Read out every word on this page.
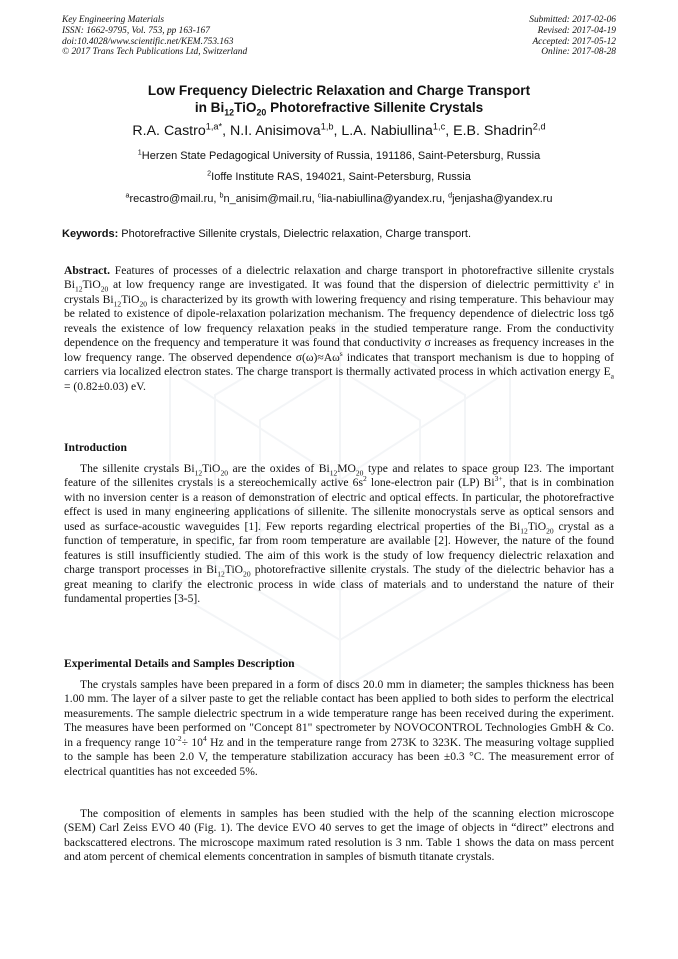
Key Engineering Materials
ISSN: 1662-9795, Vol. 753, pp 163-167
doi:10.4028/www.scientific.net/KEM.753.163
© 2017 Trans Tech Publications Ltd, Switzerland
Submitted: 2017-02-06
Revised: 2017-04-19
Accepted: 2017-05-12
Online: 2017-08-28
Low Frequency Dielectric Relaxation and Charge Transport
in $Bi_{12}TiO_{20}$ Photorefractive Sillenite Crystals
R.A. Castro$^{1,a*}$, N.I. Anisimova$^{1,b}$, L.A. Nabiullina$^{1,c}$, E.B. Shadrin$^{2,d}$
$^1$Herzen State Pedagogical University of Russia, 191186, Saint-Petersburg, Russia
$^2$Ioffe Institute RAS, 194021, Saint-Petersburg, Russia
$^a$recastro@mail.ru, $^b$n_anisim@mail.ru, $^c$lia-nabiullina@yandex.ru, $^d$jenjasha@yandex.ru
Keywords: Photorefractive Sillenite crystals, Dielectric relaxation, Charge transport.
Abstract. Features of processes of a dielectric relaxation and charge transport in photorefractive sillenite crystals $Bi_{12}TiO_{20}$ at low frequency range are investigated. It was found that the dispersion of dielectric permittivity ε' in crystals $Bi_{12}TiO_{20}$ is characterized by its growth with lowering frequency and rising temperature. This behaviour may be related to existence of dipole-relaxation polarization mechanism. The frequency dependence of dielectric loss tgδ reveals the existence of low frequency relaxation peaks in the studied temperature range. From the conductivity dependence on the frequency and temperature it was found that conductivity σ increases as frequency increases in the low frequency range. The observed dependence $\sigma(\omega)\approx A\omega^s$ indicates that transport mechanism is due to hopping of carriers via localized electron states. The charge transport is thermally activated process in which activation energy $E_a = (0.82\pm 0.03)$ eV.
Introduction
The sillenite crystals $Bi_{12}TiO_{20}$ are the oxides of $Bi_{12}MO_{20}$ type and relates to space group I23. The important feature of the sillenites crystals is a stereochemically active $6s^2$ lone-electron pair (LP) $Bi^{3+}$, that is in combination with no inversion center is a reason of demonstration of electric and optical effects. In particular, the photorefractive effect is used in many engineering applications of sillenite. The sillenite monocrystals serve as optical sensors and used as surface-acoustic waveguides [1]. Few reports regarding electrical properties of the $Bi_{12}TiO_{20}$ crystal as a function of temperature, in specific, far from room temperature are available [2]. However, the nature of the found features is still insufficiently studied. The aim of this work is the study of low frequency dielectric relaxation and charge transport processes in $Bi_{12}TiO_{20}$ photorefractive sillenite crystals. The study of the dielectric behavior has a great meaning to clarify the electronic process in wide class of materials and to understand the nature of their fundamental properties [3-5].
Experimental Details and Samples Description
The crystals samples have been prepared in a form of discs 20.0 mm in diameter; the samples thickness has been 1.00 mm. The layer of a silver paste to get the reliable contact has been applied to both sides to perform the electrical measurements. The sample dielectric spectrum in a wide temperature range has been received during the experiment. The measures have been performed on "Concept 81" spectrometer by NOVOCONTROL Technologies GmbH & Co. in a frequency range $10^{-2}\div 10^4$ Hz and in the temperature range from 273K to 323K. The measuring voltage supplied to the sample has been 2.0 V, the temperature stabilization accuracy has been ±0.3 °C. The measurement error of electrical quantities has not exceeded 5%.
The composition of elements in samples has been studied with the help of the scanning election microscope (SEM) Carl Zeiss EVO 40 (Fig. 1). The device EVO 40 serves to get the image of objects in “direct” electrons and backscattered electrons. The microscope maximum rated resolution is 3 nm. Table 1 shows the data on mass percent and atom percent of chemical elements concentration in samples of bismuth titanate crystals.
